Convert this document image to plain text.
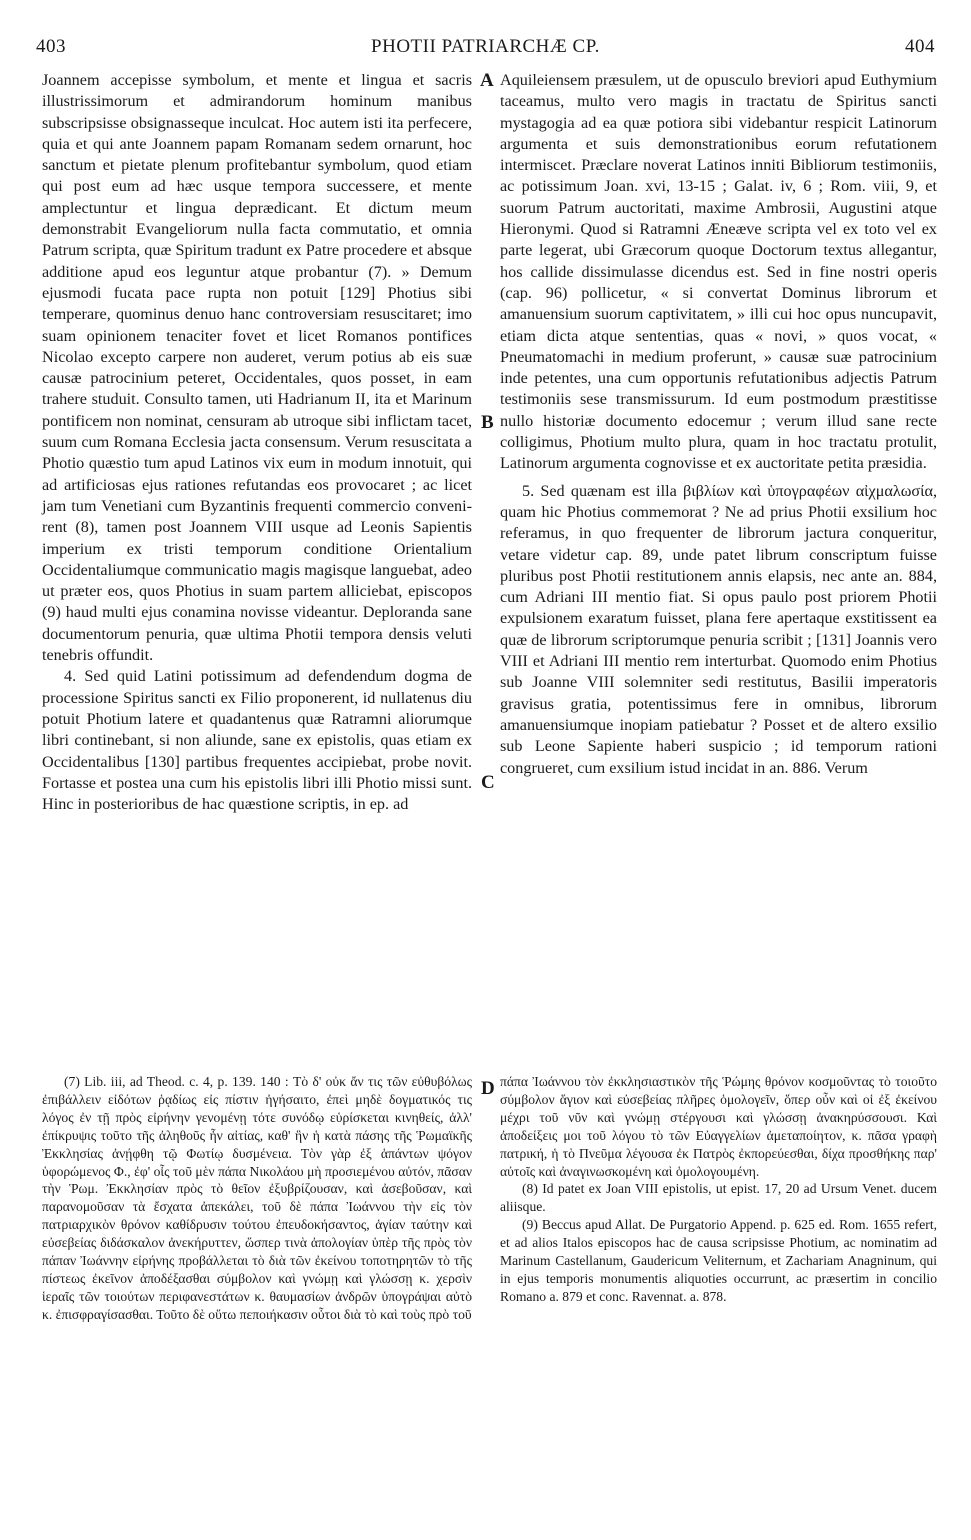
403	PHOTII PATRIARCHÆ CP.	404
A
B
C
D

Joannem accepisse symbolum, et mente et lingua et sacris illustrissimorum et admirandorum hominum manibus subscripsisse obsignasseque inculcat. Hoc autem isti ita perfecere, quia et qui ante Joannem papam Romanam sedem ornarunt, hoc sanctum et pietate plenum profitebantur symbolum, quod etiam qui post eum ad hæc usque tempora successere, et mente amplectuntur et lingua deprædicant. Et dictum meum demonstrabit Evangeliorum nulla facta commutatio, et omnia Patrum scripta, quæ Spiritum tradunt ex Patre procedere et absque additione apud eos leguntur atque probantur (7). » Demum ejusmodi fucata pace rupta non potuit [129] Photius sibi temperare, quominus denuo hanc controversiam resuscitaret; imo suam opinionem tenaciter fovet et licet Romanos pontifices Nicolao excepto carpere non auderet, verum potius ab eis suæ causæ patrocinium peteret, Occidentales, quos posset, in eam trahere studuit. Consulto tamen, uti Hadrianum II, ita et Marinum pontificem non nominat, censuram ab utroque sibi inflictam tacet, suum cum Romana Ecclesia jacta consensum. Verum resuscitata a Photio quæstio tum apud Latinos vix eum in modum innotuit, qui ad artificiosas ejus rationes refutandas eos provocaret ; ac licet jam tum Venetiani cum Byzantinis frequenti commercio conveni-rent (8), tamen post Joannem VIII usque ad Leonis Sapientis imperium ex tristi temporum conditione Orientalium Occidentaliumque communicatio magis magisque languebat, adeo ut præter eos, quos Photius in suam partem alliciebat, episcopos (9) haud multi ejus conamina novisse videantur. Deploranda sane documentorum penuria, quæ ultima Photii tempora densis veluti tenebris offundit.

4. Sed quid Latini potissimum ad defendendum dogma de processione Spiritus sancti ex Filio proponerent, id nullatenus diu potuit Photium latere et quadantenus quæ Ratramni aliorumque libri continebant, si non aliunde, sane ex epistolis, quas etiam ex Occidentalibus [130] partibus frequentes accipiebat, probe novit. Fortasse et postea una cum his epistolis libri illi Photio missi sunt. Hinc in posterioribus de hac quæstione scriptis, in ep. ad

Aquileiensem præsulem, ut de opusculo breviori apud Euthymium taceamus, multo vero magis in tractatu de Spiritus sancti mystagogia ad ea quæ potiora sibi videbantur respicit Latinorum argumenta et suis demonstrationibus eorum refutationem intermiscet. Præclare noverat Latinos inniti Bibliorum testimoniis, ac potissimum Joan. xvi, 13-15 ; Galat. iv, 6 ; Rom. viii, 9, et suorum Patrum auctoritati, maxime Ambrosii, Augustini atque Hieronymi. Quod si Ratramni Æneæve scripta vel ex toto vel ex parte legerat, ubi Græcorum quoque Doctorum textus allegantur, hos callide dissimulasse dicendus est. Sed in fine nostri operis (cap. 96) pollicetur, « si convertat Dominus librorum et amanuensium suorum captivitatem, » illi cui hoc opus nuncupavit, etiam dicta atque sententias, quas « novi, » quos vocat, « Pneumatomachi in medium proferunt, » causæ suæ patrocinium inde petentes, una cum opportunis refutationibus adjectis Patrum testimoniis sese transmissurum. Id eum postmodum præstitisse nullo historiæ documento edocemur ; verum illud sane recte colligimus, Photium multo plura, quam in hoc tractatu protulit, Latinorum argumenta cognovisse et ex auctoritate petita præsidia.

5. Sed quænam est illa βιβλίων καὶ ὑπογραφέων αἰχμαλωσία, quam hic Photius commemorat ? Ne ad prius Photii exsilium hoc referamus, in quo frequenter de librorum jactura conqueritur, vetare videtur cap. 89, unde patet librum conscriptum fuisse pluribus post Photii restitutionem annis elapsis, nec ante an. 884, cum Adriani III mentio fiat. Si opus paulo post priorem Photii expulsionem exaratum fuisset, plana fere apertaque exstitissent ea quæ de librorum scriptorumque penuria scribit ; [131] Joannis vero VIII et Adriani III mentio rem interturbat. Quomodo enim Photius sub Joanne VIII solemniter sedi restitutus, Basilii imperatoris gravisus gratia, potentissimus fere in omnibus, librorum amanuensiumque inopiam patiebatur ? Posset et de altero exsilio sub Leone Sapiente haberi suspicio ; id temporum rationi congrueret, cum exsilium istud incidat in an. 886. Verum

(7) Lib. iii, ad Theod. c. 4, p. 139. 140 : Τὸ δ' οὐκ ἄν τις τῶν εὐθυβόλως ἐπιβάλλειν εἰδότων ῥᾳδίως εἰς πίστιν ἠγήσαιτο, ἐπεὶ μηδὲ δογματικός τις λόγος ἐν τῇ πρὸς εἰρήνην γενομένῃ τότε συνόδῳ εὑρίσκεται κινηθείς, ἀλλ' ἐπίκρυψις τοῦτο τῆς ἀληθοῦς ἦν αἰτίας, καθ' ἣν ἡ κατὰ πάσης τῆς Ῥωμαϊκῆς Ἐκκλησίας ἀνῄφθη τῷ Φωτίῳ δυσμένεια. Τὸν γὰρ ἐξ ἁπάντων ψόγον ὑφορώμενος Φ., ἐφ' οἷς τοῦ μὲν πάπα Νικολάου μὴ προσιεμένου αὐτόν, πᾶσαν τὴν Ῥωμ. Ἐκκλησίαν πρὸς τὸ θεῖον ἐξυβρίζουσαν, καὶ ἀσεβοῦσαν, καὶ παρανομοῦσαν τὰ ἔσχατα ἀπεκάλει, τοῦ δὲ πάπα Ἰωάννου τὴν εἰς τὸν πατριαρχικὸν θρόνον καθίδρυσιν τούτου ἐπευδοκήσαντος, ἁγίαν ταύτην καὶ εὐσεβείας διδάσκαλον ἀνεκήρυττεν, ὥσπερ τινὰ ἀπολογίαν ὑπὲρ τῆς πρὸς τὸν πάπαν Ἰωάννην εἰρήνης προβάλλεται τὸ διὰ τῶν ἐκείνου τοποτηρητῶν τὸ τῆς πίστεως ἐκεῖνον ἀποδέξασθαι σύμβολον καὶ γνώμῃ καὶ γλώσσῃ κ. χερσὶν ἱεραῖς τῶν τοιούτων περιφανεστάτων κ. θαυμασίων ἀνδρῶν ὑπογράψαι αὐτὸ κ. ἐπισφραγίσασθαι. Τοῦτο δὲ οὕτω πεποιήκασιν οὗτοι διὰ τὸ καὶ τοὺς πρὸ τοῦ

πάπα Ἰωάννου τὸν ἐκκλησιαστικὸν τῆς Ῥώμης θρόνον κοσμοῦντας τὸ τοιοῦτο σύμβολον ἅγιον καὶ εὐσεβείας πλῆρες ὁμολογεῖν, ὅπερ οὖν καὶ οἱ ἐξ ἐκείνου μέχρι τοῦ νῦν καὶ γνώμῃ στέργουσι καὶ γλώσσῃ ἀνακηρύσσουσι. Καὶ ἀποδείξεις μοι τοῦ λόγου τὸ τῶν Εὐαγγελίων ἀμεταποίητον, κ. πᾶσα γραφὴ πατρική, ἡ τὸ Πνεῦμα λέγουσα ἐκ Πατρὸς ἐκπορεύεσθαι, δίχα προσθήκης παρ' αὐτοῖς καὶ ἀναγινωσκομένη καὶ ὁμολογουμένη.

(8) Id patet ex Joan VIII epistolis, ut epist. 17, 20 ad Ursum Venet. ducem aliisque.

(9) Beccus apud Allat. De Purgatorio Append. p. 625 ed. Rom. 1655 refert, et ad alios Italos episcopos hac de causa scripsisse Photium, ac nominatim ad Marinum Castellanum, Gaudericum Veliternum, et Zachariam Anagninum, qui in ejus temporis monumentis aliquoties occurrunt, ac præsertim in concilio Romano a. 879 et conc. Ravennat. a. 878.
